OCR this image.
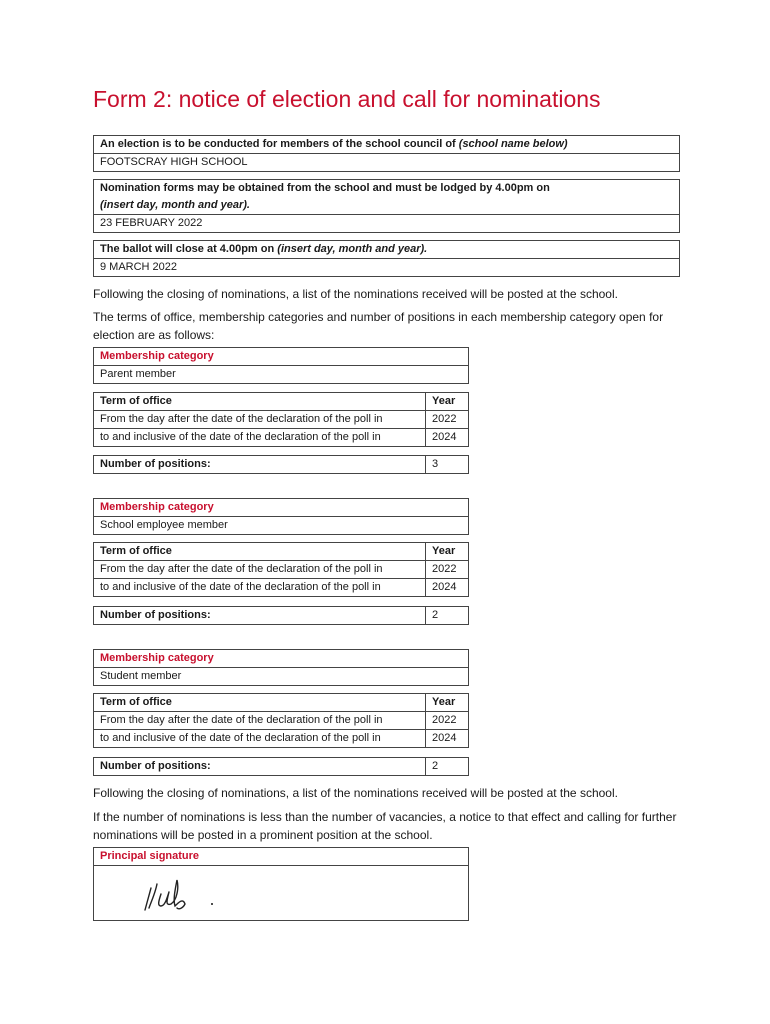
Form 2: notice of election and call for nominations
An election is to be conducted for members of the school council of (school name below)
FOOTSCRAY HIGH SCHOOL
Nomination forms may be obtained from the school and must be lodged by 4.00pm on
(insert day, month and year).
23 FEBRUARY 2022
The ballot will close at 4.00pm on (insert day, month and year).
9 MARCH 2022

Following the closing of nominations, a list of the nominations received will be posted at the school.

The terms of office, membership categories and number of positions in each membership category open for election are as follows:

Membership category
Parent member
Term of office	Year
From the day after the date of the declaration of the poll in	2022
to and inclusive of the date of the declaration of the poll in	2024
Number of positions:	3
Membership category
School employee member
Term of office	Year
From the day after the date of the declaration of the poll in	2022
to and inclusive of the date of the declaration of the poll in	2024
Number of positions:	2
Membership category
Student member
Term of office	Year
From the day after the date of the declaration of the poll in	2022
to and inclusive of the date of the declaration of the poll in	2024
Number of positions:	2

Following the closing of nominations, a list of the nominations received will be posted at the school.

If the number of nominations is less than the number of vacancies, a notice to that effect and calling for further nominations will be posted in a prominent position at the school.

Principal signature
